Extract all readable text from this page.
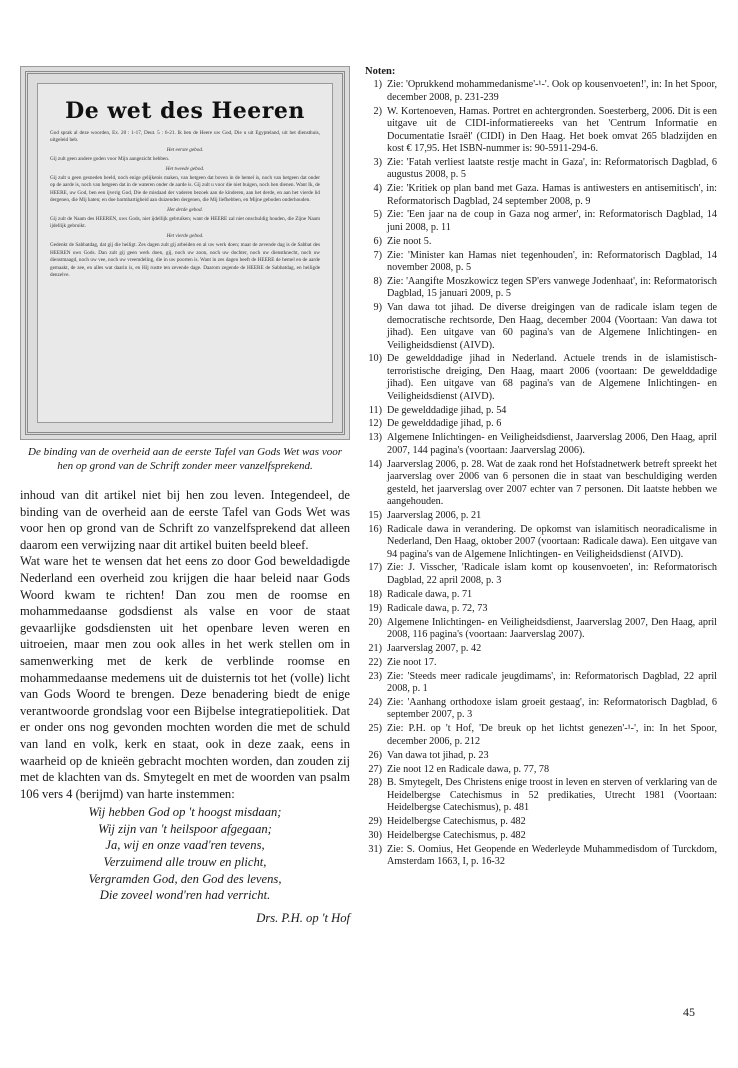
De wet des Heeren

God sprak al deze woorden, Ex. 20 : 1-17, Deut. 5 : 6-21. Ik ben de Heere uw God, Die u uit Egypteland, uit het diensthuis, uitgeleid heb.

Het eerste gebod.

Gij zult geen andere goden voor Mijn aangezicht hebben.

Het tweede gebod.

Gij zult u geen gesneden beeld, noch enige gelijkenis maken, van hetgeen dat boven in de hemel is, noch van hetgeen dat onder op de aarde is, noch van hetgeen dat in de wateren onder de aarde is. Gij zult u voor die niet buigen, noch hen dienen. Want Ik, de HEERE, uw God, ben een ijverig God, Die de misdaad der vaderen bezoek aan de kinderen, aan het derde, en aan het vierde lid dergenen, die Mij haten; en doe barmhartigheid aan duizenden dergenen, die Mij liefhebben, en Mijne geboden onderhouden.

Het derde gebod.

Gij zult de Naam des HEEREN, uws Gods, niet ijdellijk gebruiken; want de HEERE zal niet onschuldig houden, die Zijne Naam ijdellijk gebruikt.

Het vierde gebod.

Gedenkt de Sabbatdag, dat gij die heiligt. Zes dagen zult gij arbeiden en al uw werk doen; maar de zevende dag is de Sabbat des HEEREN uws Gods. Dan zult gij geen werk doen, gij, noch uw zoon, noch uw dochter, noch uw dienstknecht, noch uw dienstmaagd, noch uw vee, noch uw vreemdeling, die in uw poorten is. Want in zes dagen heeft de HEERE de hemel en de aarde gemaakt, de zee, en alles wat daarin is, en Hij rustte ten zevende dage. Daarom zegende de HEERE de Sabbatdag, en heiligde denzelve.

De binding van de overheid aan de eerste Tafel van Gods Wet was voor hen op grond van de Schrift zonder meer vanzelfsprekend.

inhoud van dit artikel niet bij hen zou leven. Integendeel, de binding van de overheid aan de eerste Tafel van Gods Wet was voor hen op grond van de Schrift zo vanzelfsprekend dat alleen daarom een verwijzing naar dit artikel buiten beeld bleef.

Wat ware het te wensen dat het eens zo door God beweldadigde Nederland een overheid zou krijgen die haar beleid naar Gods Woord kwam te richten! Dan zou men de roomse en mohammedaanse godsdienst als valse en voor de staat gevaarlijke godsdiensten uit het openbare leven weren en uitroeien, maar men zou ook alles in het werk stellen om in samenwerking met de kerk de verblinde roomse en mohammedaanse medemens uit de duisternis tot het (volle) licht van Gods Woord te brengen. Deze benadering biedt de enige verantwoorde grondslag voor een Bijbelse integratiepolitiek. Dat er onder ons nog gevonden mochten worden die met de schuld van land en volk, kerk en staat, ook in deze zaak, eens in waarheid op de knieën gebracht mochten worden, dan zouden zij met de klachten van ds. Smytegelt en met de woorden van psalm 106 vers 4 (berijmd) van harte instemmen:

Wij hebben God op 't hoogst misdaan;
Wij zijn van 't heilspoor afgegaan;
Ja, wij en onze vaad'ren tevens,
Verzuimend alle trouw en plicht,
Vergramden God, den God des levens,
Die zoveel wond'ren had verricht.
Drs. P.H. op 't Hof
Noten:
1) Zie: 'Oprukkend mohammedanisme'-¹-'. Ook op kousenvoeten!', in: In het Spoor, december 2008, p. 231-239
2) W. Kortenoeven, Hamas. Portret en achtergronden. Soesterberg, 2006. Dit is een uitgave uit de CIDI-informatiereeks van het 'Centrum Informatie en Documentatie Israël' (CIDI) in Den Haag. Het boek omvat 265 bladzijden en kost € 17,95. Het ISBN-nummer is: 90-5911-294-6.
3) Zie: 'Fatah verliest laatste restje macht in Gaza', in: Reformatorisch Dagblad, 6 augustus 2008, p. 5
4) Zie: 'Kritiek op plan band met Gaza. Hamas is antiwesters en antisemitisch', in: Reformatorisch Dagblad, 24 september 2008, p. 9
5) Zie: 'Een jaar na de coup in Gaza nog armer', in: Reformatorisch Dagblad, 14 juni 2008, p. 11
6) Zie noot 5.
7) Zie: 'Minister kan Hamas niet tegenhouden', in: Reformatorisch Dagblad, 14 november 2008, p. 5
8) Zie: 'Aangifte Moszkowicz tegen SP'ers vanwege Jodenhaat', in: Reformatorisch Dagblad, 15 januari 2009, p. 5
9) Van dawa tot jihad. De diverse dreigingen van de radicale islam tegen de democratische rechtsorde, Den Haag, december 2004 (Voortaan: Van dawa tot jihad). Een uitgave van 60 pagina's van de Algemene Inlichtingen- en Veiligheidsdienst (AIVD).
10) De gewelddadige jihad in Nederland. Actuele trends in de islamistisch-terroristische dreiging, Den Haag, maart 2006 (voortaan: De gewelddadige jihad). Een uitgave van 68 pagina's van de Algemene Inlichtingen- en Veiligheidsdienst (AIVD).
11) De gewelddadige jihad, p. 54
12) De gewelddadige jihad, p. 6
13) Algemene Inlichtingen- en Veiligheidsdienst, Jaarverslag 2006, Den Haag, april 2007, 144 pagina's (voortaan: Jaarverslag 2006).
14) Jaarverslag 2006, p. 28. Wat de zaak rond het Hofstadnetwerk betreft spreekt het jaarverslag over 2006 van 6 personen die in staat van beschuldiging werden gesteld, het jaarverslag over 2007 echter van 7 personen. Dit laatste hebben we aangehouden.
15) Jaarverslag 2006, p. 21
16) Radicale dawa in verandering. De opkomst van islamitisch neoradicalisme in Nederland, Den Haag, oktober 2007 (voortaan: Radicale dawa). Een uitgave van 94 pagina's van de Algemene Inlichtingen- en Veiligheidsdienst (AIVD).
17) Zie: J. Visscher, 'Radicale islam komt op kousenvoeten', in: Reformatorisch Dagblad, 22 april 2008, p. 3
18) Radicale dawa, p. 71
19) Radicale dawa, p. 72, 73
20) Algemene Inlichtingen- en Veiligheidsdienst, Jaarverslag 2007, Den Haag, april 2008, 116 pagina's (voortaan: Jaarverslag 2007).
21) Jaarverslag 2007, p. 42
22) Zie noot 17.
23) Zie: 'Steeds meer radicale jeugdimams', in: Reformatorisch Dagblad, 22 april 2008, p. 1
24) Zie: 'Aanhang orthodoxe islam groeit gestaag', in: Reformatorisch Dagblad, 6 september 2007, p. 3
25) Zie: P.H. op 't Hof, 'De breuk op het lichtst genezen'-¹-', in: In het Spoor, december 2006, p. 212
26) Van dawa tot jihad, p. 23
27) Zie noot 12 en Radicale dawa, p. 77, 78
28) B. Smytegelt, Des Christens enige troost in leven en sterven of verklaring van de Heidelbergse Catechismus in 52 predikaties, Utrecht 1981 (Voortaan: Heidelbergse Catechismus), p. 481
29) Heidelbergse Catechismus, p. 482
30) Heidelbergse Catechismus, p. 482
31) Zie: S. Oomius, Het Geopende en Wederleyde Muhammedisdom of Turckdom, Amsterdam 1663, I, p. 16-32
45
